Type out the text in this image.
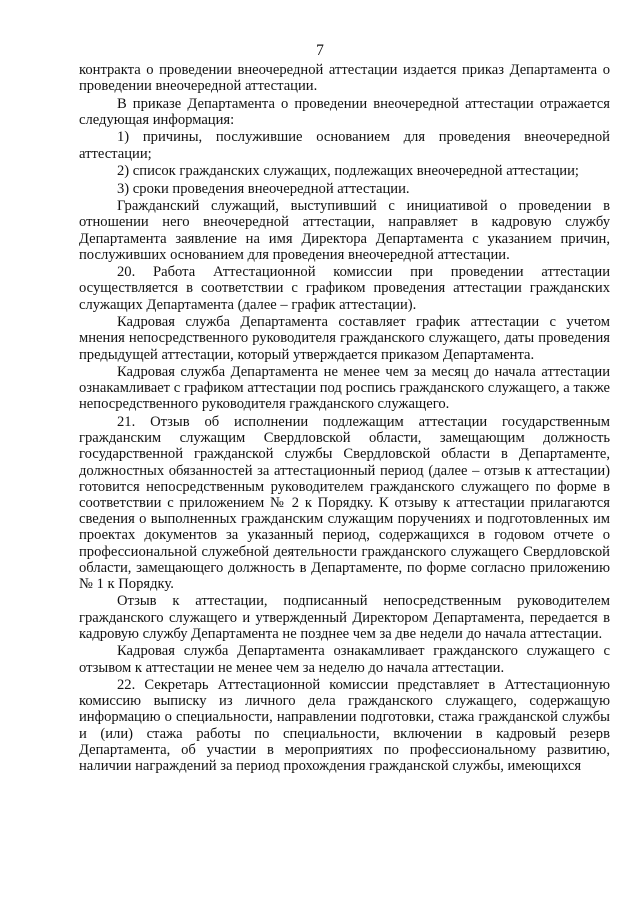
7

контракта о проведении внеочередной аттестации издается приказ Департамента о проведении внеочередной аттестации.

В приказе Департамента о проведении внеочередной аттестации отражается следующая информация:

1) причины, послужившие основанием для проведения внеочередной аттестации;

2) список гражданских служащих, подлежащих внеочередной аттестации;

3) сроки проведения внеочередной аттестации.

Гражданский служащий, выступивший с инициативой о проведении в отношении него внеочередной аттестации, направляет в кадровую службу Департамента заявление на имя Директора Департамента с указанием причин, послуживших основанием для проведения внеочередной аттестации.

20. Работа Аттестационной комиссии при проведении аттестации осуществляется в соответствии с графиком проведения аттестации гражданских служащих Департамента (далее – график аттестации).

Кадровая служба Департамента составляет график аттестации с учетом мнения непосредственного руководителя гражданского служащего, даты проведения предыдущей аттестации, который утверждается приказом Департамента.

Кадровая служба Департамента не менее чем за месяц до начала аттестации ознакамливает с графиком аттестации под роспись гражданского служащего, а также непосредственного руководителя гражданского служащего.

21. Отзыв об исполнении подлежащим аттестации государственным гражданским служащим Свердловской области, замещающим должность государственной гражданской службы Свердловской области в Департаменте, должностных обязанностей за аттестационный период (далее – отзыв к аттестации) готовится непосредственным руководителем гражданского служащего по форме в соответствии с приложением № 2 к Порядку. К отзыву к аттестации прилагаются сведения о выполненных гражданским служащим поручениях и подготовленных им проектах документов за указанный период, содержащихся в годовом отчете о профессиональной служебной деятельности гражданского служащего Свердловской области, замещающего должность в Департаменте, по форме согласно приложению № 1 к Порядку.

Отзыв к аттестации, подписанный непосредственным руководителем гражданского служащего и утвержденный Директором Департамента, передается в кадровую службу Департамента не позднее чем за две недели до начала аттестации.

Кадровая служба Департамента ознакамливает гражданского служащего с отзывом к аттестации не менее чем за неделю до начала аттестации.

22. Секретарь Аттестационной комиссии представляет в Аттестационную комиссию выписку из личного дела гражданского служащего, содержащую информацию о специальности, направлении подготовки, стажа гражданской службы и (или) стажа работы по специальности, включении в кадровый резерв Департамента, об участии в мероприятиях по профессиональному развитию, наличии награждений за период прохождения гражданской службы, имеющихся
